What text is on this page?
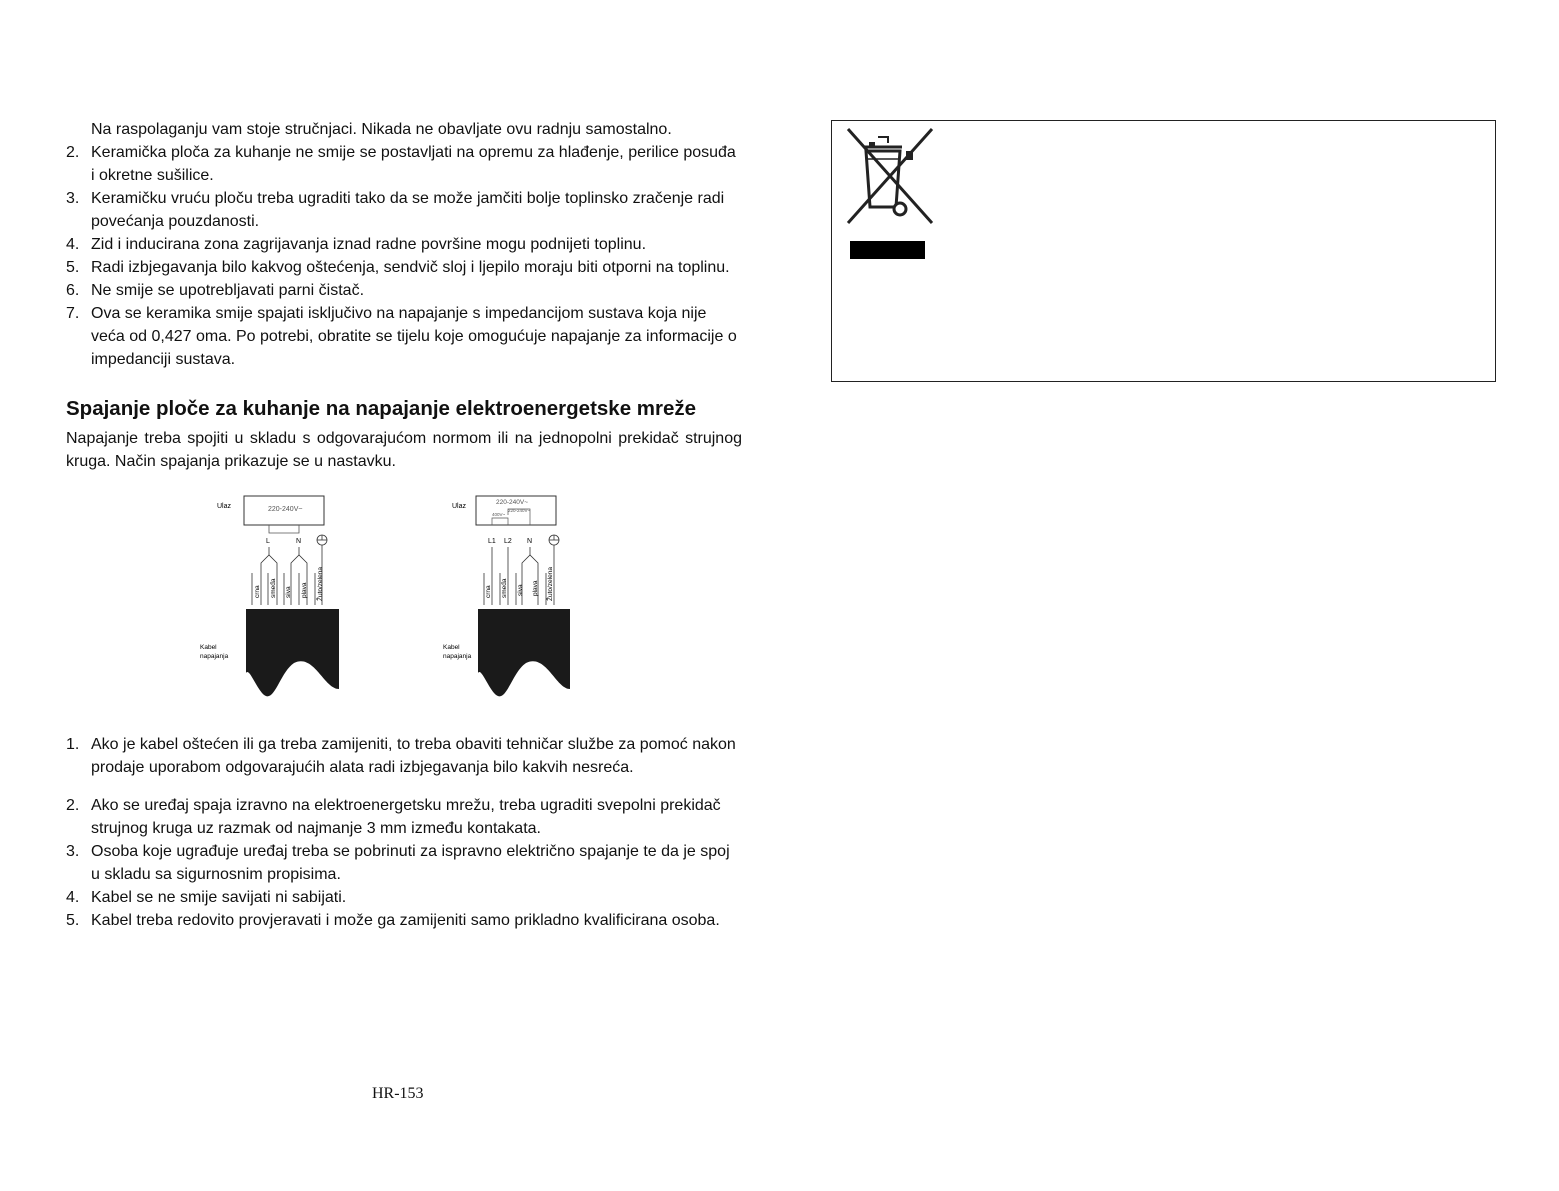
Na raspolaganju vam stoje stručnjaci. Nikada ne obavljate ovu radnju samostalno.
2. Keramička ploča za kuhanje ne smije se postavljati na opremu za hlađenje, perilice posuđa i okretne sušilice.
3. Keramičku vruću ploču treba ugraditi tako da se može jamčiti bolje toplinsko zračenje radi povećanja pouzdanosti.
4. Zid i inducirana zona zagrijavanja iznad radne površine mogu podnijeti toplinu.
5. Radi izbjegavanja bilo kakvog oštećenja, sendvič sloj i ljepilo moraju biti otporni na toplinu.
6. Ne smije se upotrebljavati parni čistač.
7. Ova se keramika smije spajati isključivo na napajanje s impedancijom sustava koja nije veća od 0,427 oma. Po potrebi, obratite se tijelu koje omogućuje napajanje za informacije o impedanciji sustava.
Spajanje ploče za kuhanje na napajanje elektroenergetske mreže
Napajanje treba spojiti u skladu s odgovarajućom normom ili na jednopolni prekidač strujnog kruga. Način spajanja prikazuje se u nastavku.
Ulaz	220-240V~
L	N
crna smeđa siva plava	Žuto/zelena
Kabel
napajanja
Ulaz
220-240V~
400V~
220-240V~
L1 L2 N
crna smeđa siva plava	Žuto/zelena
Kabel
napajanja
1. Ako je kabel oštećen ili ga treba zamijeniti, to treba obaviti tehničar službe za pomoć nakon prodaje uporabom odgovarajućih alata radi izbjegavanja bilo kakvih nesreća.
2. Ako se uređaj spaja izravno na elektroenergetsku mrežu, treba ugraditi svepolni prekidač strujnog kruga uz razmak od najmanje 3 mm između kontakata.
3. Osoba koje ugrađuje uređaj treba se pobrinuti za ispravno električno spajanje te da je spoj u skladu sa sigurnosnim propisima.
4. Kabel se ne smije savijati ni sabijati.
5. Kabel treba redovito provjeravati i može ga zamijeniti samo prikladno kvalificirana osoba.
HR-153
